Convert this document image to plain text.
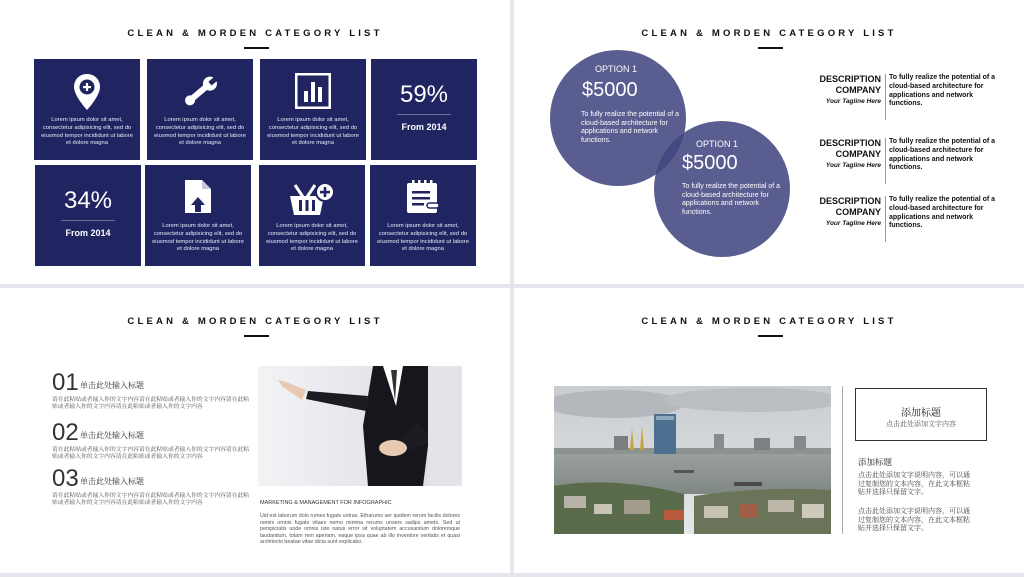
CLEAN & MORDEN CATEGORY LIST
Lorem ipsum dolor sit amet, consectetur adipisicing elit, sed do eiusmod tempor incididunt ut labore et dolore magna
Lorem ipsum dolor sit amet, consectetur adipisicing elit, sed do eiusmod tempor incididunt ut labore et dolore magna
Lorem ipsum dolor sit amet, consectetur adipisicing elit, sed do eiusmod tempor incididunt ut labore et dolore magna
59%
From 2014
34%
From 2014
Lorem ipsum dolor sit amet, consectetur adipisicing elit, sed do eiusmod tempor incididunt ut labore et dolore magna
Lorem ipsum dolor sit amet, consectetur adipisicing elit, sed do eiusmod tempor incididunt ut labore et dolore magna
Lorem ipsum dolor sit amet, consectetur adipisicing elit, sed do eiusmod tempor incididunt ut labore et dolore magna
CLEAN & MORDEN CATEGORY LIST
OPTION 1
$5000
To fully realize the potential of a cloud-based architecture for applications and network functions.	OPTION 1
$5000
To fully realize the potential of a cloud-based architecture for applications and network functions.
DESCRIPTION COMPANY
Your Tagline Here
To fully realize the potential of a cloud-based architecture for applications and network functions.
DESCRIPTION COMPANY
Your Tagline Here
To fully realize the potential of a cloud-based architecture for applications and network functions.
DESCRIPTION COMPANY
Your Tagline Here
To fully realize the potential of a cloud-based architecture for applications and network functions.
CLEAN & MORDEN CATEGORY LIST
01 单击此处输入标题
请在此粘贴或者输入你的文字内容请在此粘贴或者输入你的文字内容请在此粘贴或者输入你的文字内容请在此粘贴或者输入你的文字内容
02 单击此处输入标题
请在此粘贴或者输入你的文字内容请在此粘贴或者输入你的文字内容请在此粘贴或者输入你的文字内容请在此粘贴或者输入你的文字内容
03 单击此处输入标题
请在此粘贴或者输入你的文字内容请在此粘贴或者输入你的文字内容请在此粘贴或者输入你的文字内容请在此粘贴或者输入你的文字内容	MARKETING & MANAGEMENT FOR INFOGRAPHIC
Uid est laborum dolo rumes fugats untras. Etharums ser quidem rerum facilis dolores nemis omnis fugats vitaes nemo minima rerums unsers sadips amets. Sed ut perspiciatis unde omnis iste natus error sit voluptatem accusantium doloremque laudantium, totam rem aperiam, eaque ipsa quae ab illo inventore veritatis et quasi architecto beatae vitae dicta sunt explicabo.
CLEAN & MORDEN CATEGORY LIST
添加标题
点击此处添加文字内容
添加标题
点击此处添加文字说明内容，可以通过复制您的文本内容，在此文本框粘贴并选择只保留文字。
点击此处添加文字说明内容，可以通过复制您的文本内容，在此文本框粘贴并选择只保留文字。
